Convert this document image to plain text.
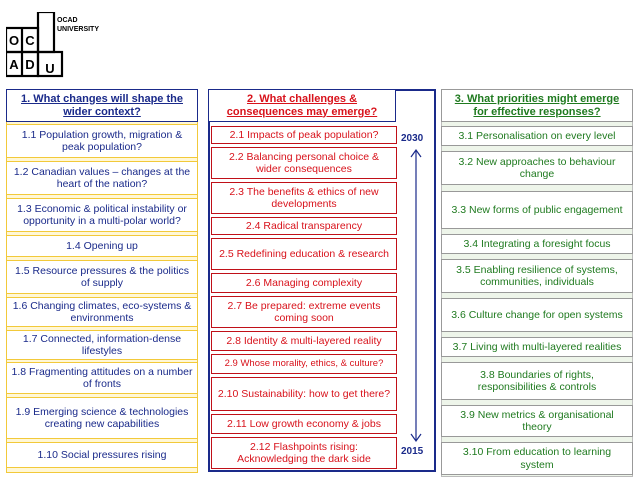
O C
A D U
OCAD
UNIVERSITY
1. What changes will shape the wider context?
1.1 Population growth, migration & peak population?
1.2 Canadian values – changes at the heart of the nation?
1.3 Economic & political instability or opportunity in a multi-polar world?
1.4 Opening up
1.5 Resource pressures & the politics of supply
1.6 Changing climates, eco-systems & environments
1.7 Connected, information-dense lifestyles
1.8 Fragmenting attitudes on a number of fronts
1.9 Emerging science & technologies creating new capabilities
1.10 Social pressures rising
2. What challenges & consequences may emerge?
2.1 Impacts of peak population?
2.2 Balancing personal choice & wider consequences
2.3 The benefits & ethics of new developments
2.4 Radical transparency
2.5 Redefining education & research
2.6 Managing complexity
2.7 Be prepared: extreme events coming soon
2.8 Identity & multi-layered reality
2.9 Whose morality, ethics, & culture?
2.10 Sustainability: how to get there?
2.11 Low growth economy & jobs
2.12 Flashpoints rising: Acknowledging the dark side
2030
2015
3. What priorities might emerge for effective responses?
3.1 Personalisation on every level
3.2 New approaches to behaviour change
3.3 New forms of public engagement
3.4 Integrating a foresight focus
3.5 Enabling resilience of systems, communities, individuals
3.6 Culture change for open systems
3.7 Living with multi-layered realities
3.8 Boundaries of rights, responsibilities & controls
3.9 New metrics & organisational theory
3.10 From education to learning system
